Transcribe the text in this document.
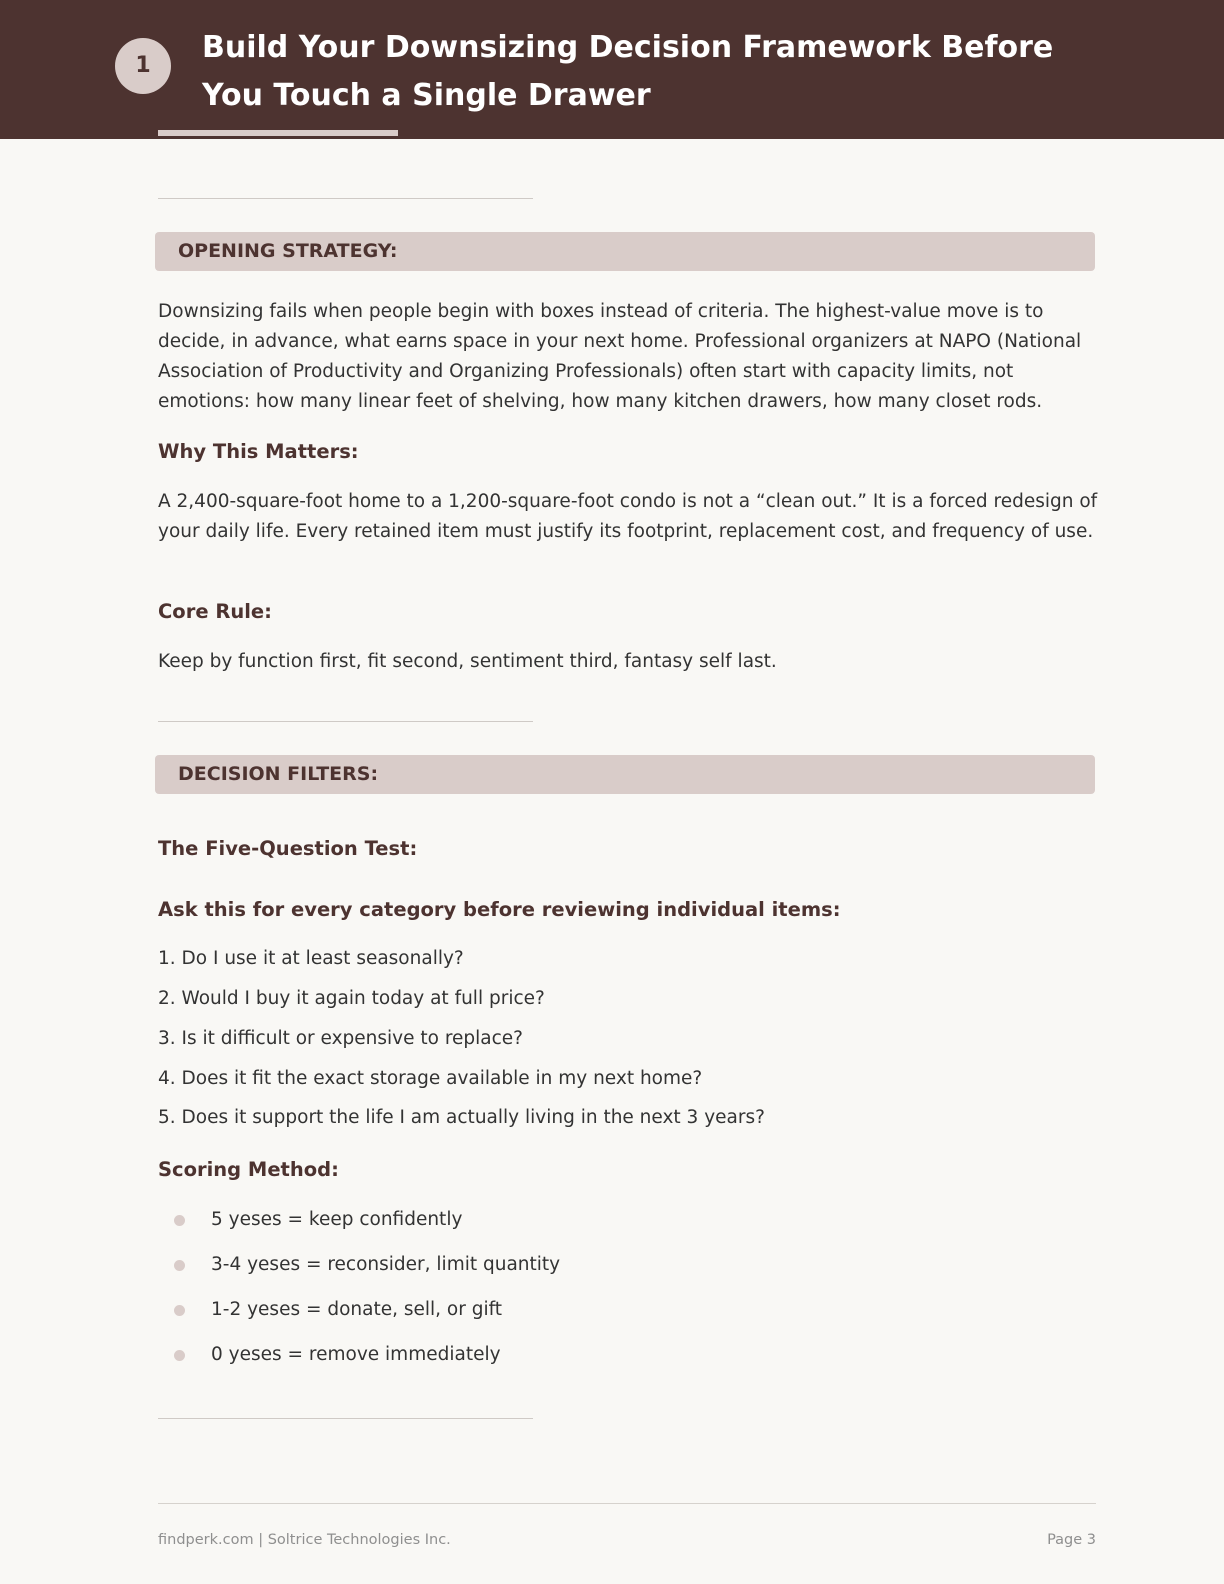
1
Build Your Downsizing Decision Framework Before You Touch a Single Drawer
OPENING STRATEGY:

Downsizing fails when people begin with boxes instead of criteria. The highest-value move is to decide, in advance, what earns space in your next home. Professional organizers at NAPO (National Association of Productivity and Organizing Professionals) often start with capacity limits, not emotions: how many linear feet of shelving, how many kitchen drawers, how many closet rods.

Why This Matters:

A 2,400-square-foot home to a 1,200-square-foot condo is not a “clean out.” It is a forced redesign of your daily life. Every retained item must justify its footprint, replacement cost, and frequency of use.

Core Rule:

Keep by function first, fit second, sentiment third, fantasy self last.

DECISION FILTERS:
The Five-Question Test:
Ask this for every category before reviewing individual items:

1. Do I use it at least seasonally?

2. Would I buy it again today at full price?

3. Is it difficult or expensive to replace?

4. Does it fit the exact storage available in my next home?

5. Does it support the life I am actually living in the next 3 years?

Scoring Method:
5 yeses = keep confidently
3-4 yeses = reconsider, limit quantity
1-2 yeses = donate, sell, or gift
0 yeses = remove immediately
findperk.com | Soltrice Technologies Inc.	Page 3
